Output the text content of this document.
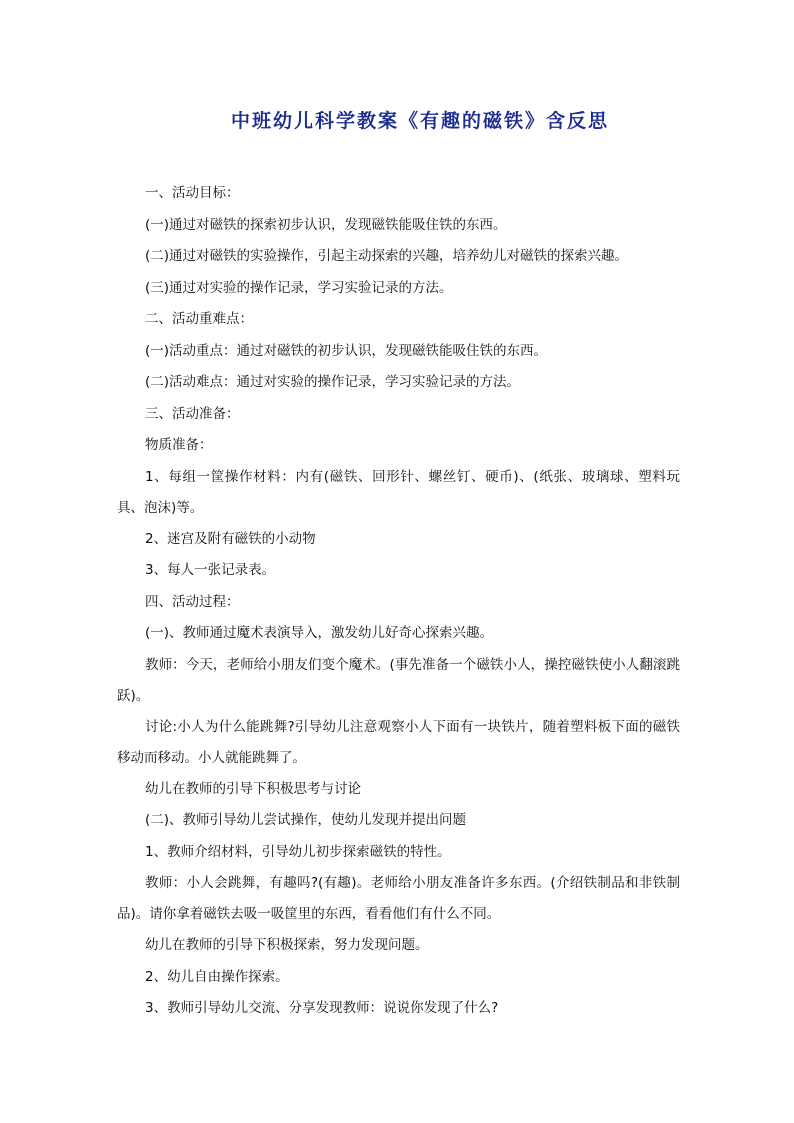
中班幼儿科学教案《有趣的磁铁》含反思

一、活动目标：

(一)通过对磁铁的探索初步认识，发现磁铁能吸住铁的东西。

(二)通过对磁铁的实验操作，引起主动探索的兴趣，培养幼儿对磁铁的探索兴趣。

(三)通过对实验的操作记录，学习实验记录的方法。

二、活动重难点：

(一)活动重点：通过对磁铁的初步认识，发现磁铁能吸住铁的东西。

(二)活动难点：通过对实验的操作记录，学习实验记录的方法。

三、活动准备：

物质准备：

1、每组一筐操作材料：内有(磁铁、回形针、螺丝钉、硬币)、(纸张、玻璃球、塑料玩具、泡沫)等。

2、迷宫及附有磁铁的小动物

3、每人一张记录表。

四、活动过程：

(一)、教师通过魔术表演导入，激发幼儿好奇心探索兴趣。

教师：今天，老师给小朋友们变个魔术。(事先准备一个磁铁小人，操控磁铁使小人翻滚跳跃)。

讨论:小人为什么能跳舞?引导幼儿注意观察小人下面有一块铁片，随着塑料板下面的磁铁移动而移动。小人就能跳舞了。

幼儿在教师的引导下积极思考与讨论

(二)、教师引导幼儿尝试操作，使幼儿发现并提出问题

1、教师介绍材料，引导幼儿初步探索磁铁的特性。

教师：小人会跳舞，有趣吗?(有趣)。老师给小朋友准备许多东西。(介绍铁制品和非铁制品)。请你拿着磁铁去吸一吸筐里的东西，看看他们有什么不同。

幼儿在教师的引导下积极探索，努力发现问题。

2、幼儿自由操作探索。

3、教师引导幼儿交流、分享发现教师：说说你发现了什么?
